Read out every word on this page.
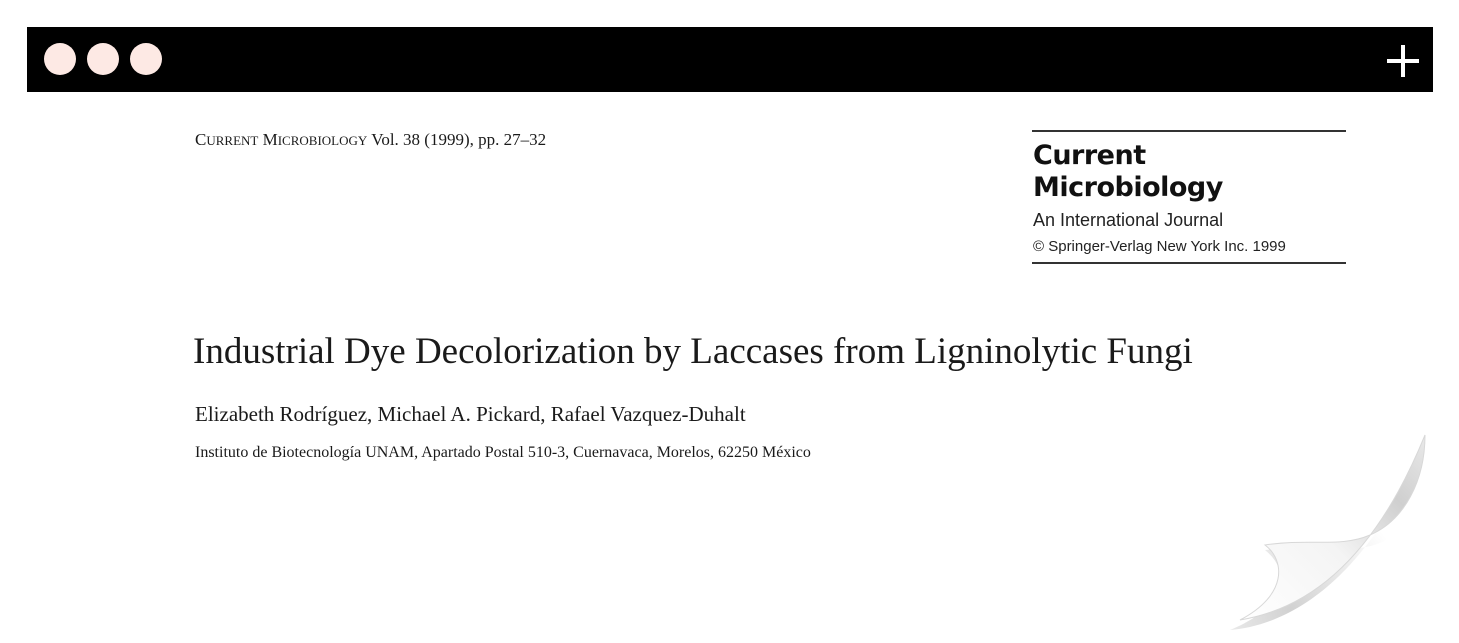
CURRENT MICROBIOLOGY Vol. 38 (1999), pp. 27–32
Current
Microbiology
An International Journal
© Springer-Verlag New York Inc. 1999
Industrial Dye Decolorization by Laccases from Ligninolytic Fungi
Elizabeth Rodríguez, Michael A. Pickard, Rafael Vazquez-Duhalt
Instituto de Biotecnología UNAM, Apartado Postal 510-3, Cuernavaca, Morelos, 62250 México
